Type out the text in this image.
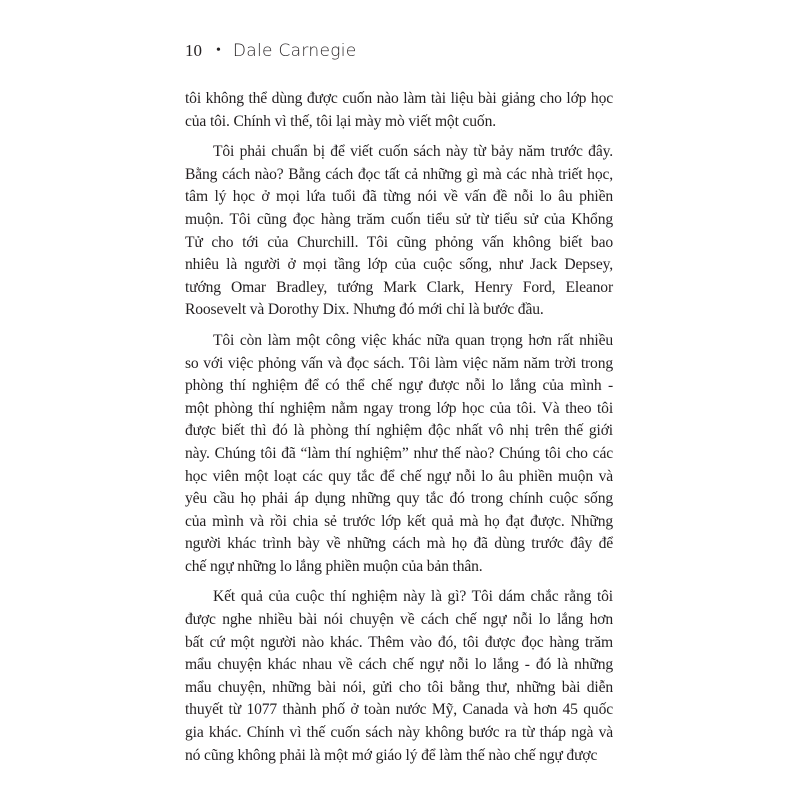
10 • Dale Carnegie

tôi không thể dùng được cuốn nào làm tài liệu bài giảng cho lớp học
của tôi. Chính vì thế, tôi lại mày mò viết một cuốn.

Tôi phải chuẩn bị để viết cuốn sách này từ bảy năm trước đây.
Bằng cách nào? Bằng cách đọc tất cả những gì mà các nhà triết học,
tâm lý học ở mọi lứa tuổi đã từng nói về vấn đề nỗi lo âu phiền
muộn. Tôi cũng đọc hàng trăm cuốn tiểu sử từ tiểu sử của Khổng
Tử cho tới của Churchill. Tôi cũng phỏng vấn không biết bao
nhiêu là người ở mọi tầng lớp của cuộc sống, như Jack Depsey,
tướng Omar Bradley, tướng Mark Clark, Henry Ford, Eleanor
Roosevelt và Dorothy Dix. Nhưng đó mới chỉ là bước đầu.

Tôi còn làm một công việc khác nữa quan trọng hơn rất nhiều
so với việc phỏng vấn và đọc sách. Tôi làm việc năm năm trời trong
phòng thí nghiệm để có thể chế ngự được nỗi lo lắng của mình -
một phòng thí nghiệm nằm ngay trong lớp học của tôi. Và theo tôi
được biết thì đó là phòng thí nghiệm độc nhất vô nhị trên thế giới
này. Chúng tôi đã “làm thí nghiệm” như thế nào? Chúng tôi cho các
học viên một loạt các quy tắc để chế ngự nỗi lo âu phiền muộn và
yêu cầu họ phải áp dụng những quy tắc đó trong chính cuộc sống
của mình và rồi chia sẻ trước lớp kết quả mà họ đạt được. Những
người khác trình bày về những cách mà họ đã dùng trước đây để
chế ngự những lo lắng phiền muộn của bản thân.

Kết quả của cuộc thí nghiệm này là gì? Tôi dám chắc rằng tôi
được nghe nhiều bài nói chuyện về cách chế ngự nỗi lo lắng hơn
bất cứ một người nào khác. Thêm vào đó, tôi được đọc hàng trăm
mẩu chuyện khác nhau về cách chế ngự nỗi lo lắng - đó là những
mẩu chuyện, những bài nói, gửi cho tôi bằng thư, những bài diễn
thuyết từ 1077 thành phố ở toàn nước Mỹ, Canada và hơn 45 quốc
gia khác. Chính vì thế cuốn sách này không bước ra từ tháp ngà và
nó cũng không phải là một mớ giáo lý để làm thế nào chế ngự được
